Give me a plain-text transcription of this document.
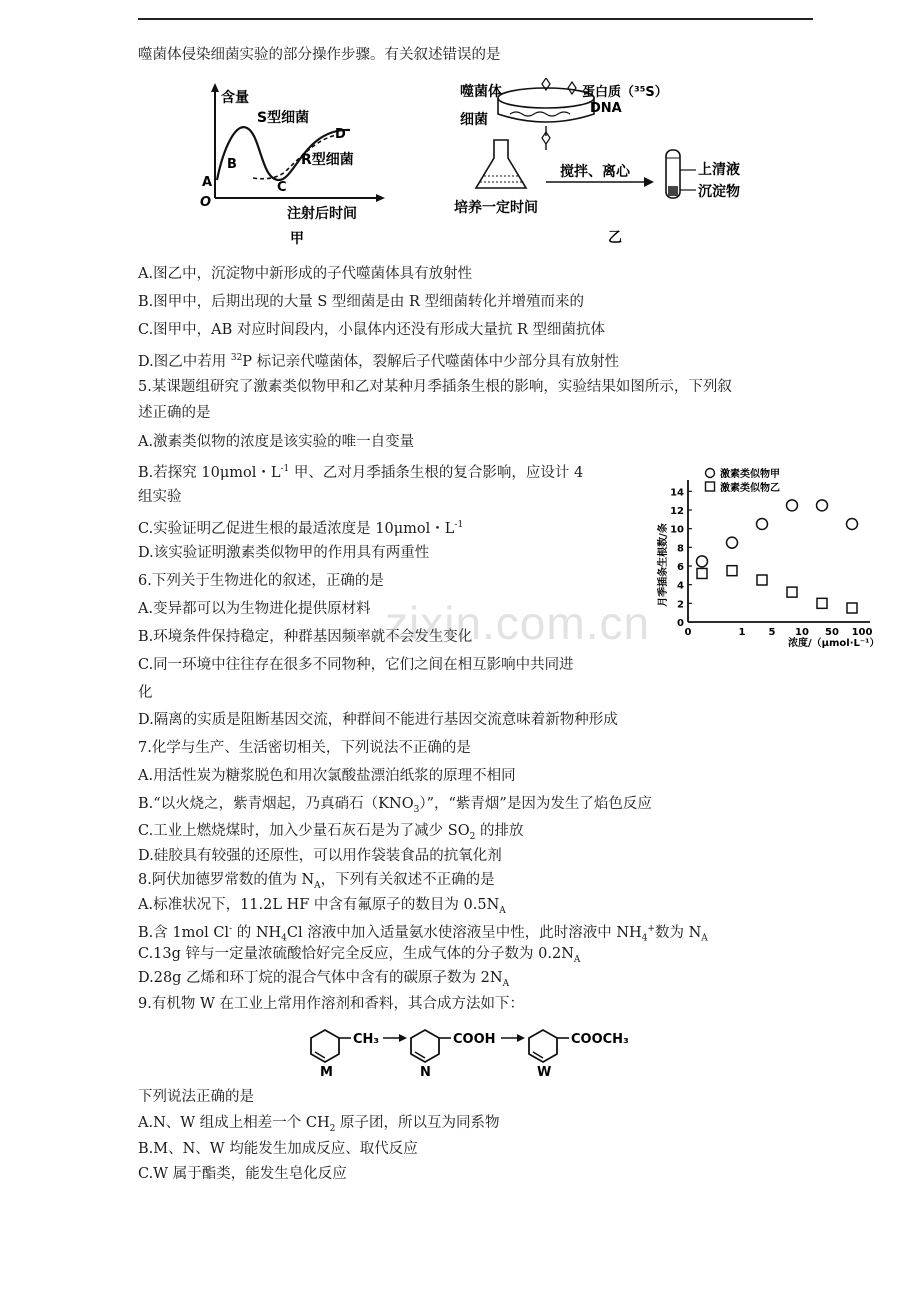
噬菌体侵染细菌实验的部分操作步骤。有关叙述错误的是
含量
S型细菌
D
R型细菌
B
A	C
O
注射后时间
甲
噬菌体	蛋白质（³⁵S）
DNA
细菌
搅拌、离心	上清液
沉淀物
培养一定时间
乙
A.图乙中，沉淀物中新形成的子代噬菌体具有放射性
B.图甲中，后期出现的大量 S 型细菌是由 R 型细菌转化并增殖而来的
C.图甲中，AB 对应时间段内，小鼠体内还没有形成大量抗 R 型细菌抗体
D.图乙中若用 $^{32}$P 标记亲代噬菌体，裂解后子代噬菌体中少部分具有放射性
5.某课题组研究了激素类似物甲和乙对某种月季插条生根的影响，实验结果如图所示，下列叙
述正确的是
A.激素类似物的浓度是该实验的唯一自变量
B.若探究 10μmol・$L^{-1}$ 甲、乙对月季插条生根的复合影响，应设计 4
组实验
C.实验证明乙促进生根的最适浓度是 10μmol・$L^{-1}$
D.该实验证明激素类似物甲的作用具有两重性	月季插条生根数/条
0
2
4
6
8
10
12
14
0	1 5 10 50 100
激素类似物甲
激素类似物乙
浓度/（μmol·L⁻¹）
6.下列关于生物进化的叙述，正确的是
A.变异都可以为生物进化提供原材料
B.环境条件保持稳定，种群基因频率就不会发生变化
C.同一环境中往往存在很多不同物种，它们之间在相互影响中共同进
化
D.隔离的实质是阻断基因交流，种群间不能进行基因交流意味着新物种形成
7.化学与生产、生活密切相关，下列说法不正确的是
A.用活性炭为糖浆脱色和用次氯酸盐漂泊纸浆的原理不相同
B.“以火烧之，紫青烟起，乃真硝石$(KNO_3)$”，“紫青烟”是因为发生了焰色反应
C.工业上燃烧煤时，加入少量石灰石是为了减少 $SO_2$ 的排放
D.硅胶具有较强的还原性，可以用作袋装食品的抗氧化剂
8.阿伏加德罗常数的值为 $N_A$，下列有关叙述不正确的是
A.标准状况下，11.2L HF 中含有氟原子的数目为 $0.5N_A$
B.含 1mol Cl- 的 $NH_4Cl$ 溶液中加入适量氨水使溶液呈中性，此时溶液中 $NH_4^+$数为 $N_A$
C.13g 锌与一定量浓硫酸恰好完全反应，生成气体的分子数为 $0.2N_A$
D.28g 乙烯和环丁烷的混合气体中含有的碳原子数为 $2N_A$
9.有机物 W 在工业上常用作溶剂和香料，其合成方法如下：
CH₃	COOH	COOCH₃
M	N	W
下列说法正确的是
A.N、W 组成上相差一个 $CH_2$ 原子团，所以互为同系物
B.M、N、W 均能发生加成反应、取代反应
C.W 属于酯类，能发生皂化反应
zixin.com.cn
